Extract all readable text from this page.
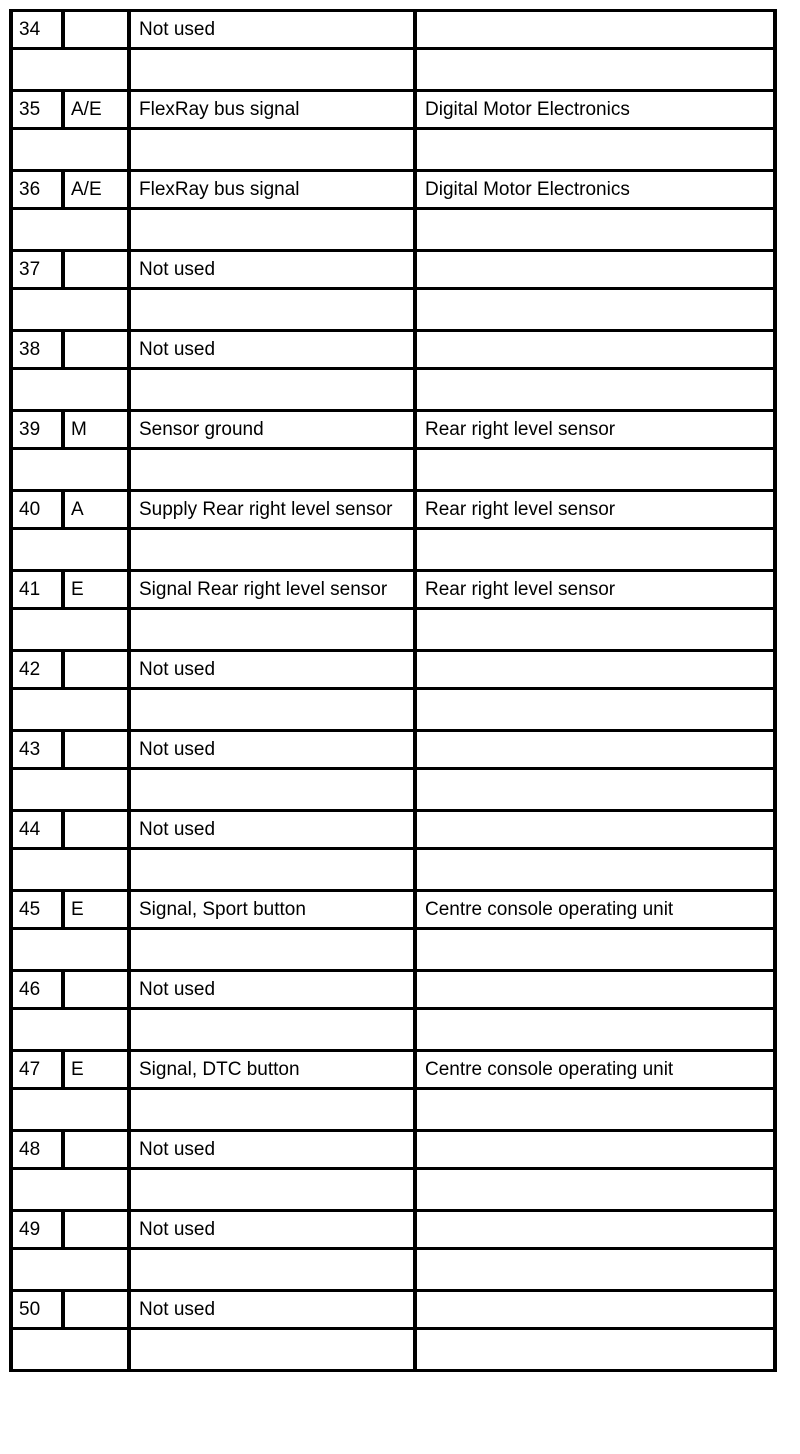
34		Not used	

35	A/E	FlexRay bus signal	Digital Motor Electronics

36	A/E	FlexRay bus signal	Digital Motor Electronics

37		Not used	

38		Not used	

39	M	Sensor ground	Rear right level sensor

40	A	Supply Rear right level sensor	Rear right level sensor

41	E	Signal Rear right level sensor	Rear right level sensor

42		Not used	

43		Not used	

44		Not used	

45	E	Signal, Sport button	Centre console operating unit

46		Not used	

47	E	Signal, DTC button	Centre console operating unit

48		Not used	

49		Not used	

50		Not used	
